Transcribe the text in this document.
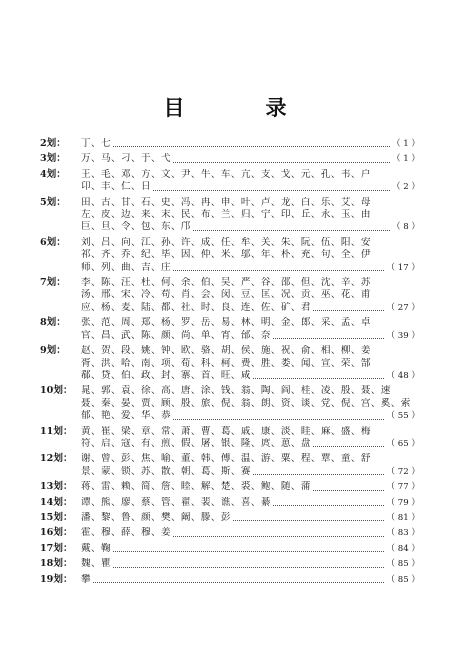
目　录
2划：	丁、七	（ 1 ）
3划：	万、马、刁、于、弋	（ 1 ）
4划：	王、毛、邓、方、文、尹、牛、车、亢、支、戈、元、孔、韦、户
卬、丰、仁、日	（ 2 ）
5划：	田、古、甘、石、史、冯、冉、申、叶、卢、龙、白、乐、艾、母
左、皮、边、来、末、民、布、兰、归、宁、印、丘、永、玉、由
巨、旦、令、包、东、邝	（ 8 ）
6划：	刘、吕、向、江、孙、许、成、任、牟、关、朱、阮、伍、阳、安
祁、齐、乔、纪、毕、因、仲、米、邬、年、朴、充、句、全、伊
师、列、曲、吉、庄	（ 17 ）
7划：	李、陈、汪、杜、何、余、伯、吴、严、谷、邵、但、沈、辛、苏
汤、邢、宋、冷、苟、肖、会、闵、豆、匡、况、贡、巫、花、甫
应、杨、麦、陆、都、社、时、良、连、佐、矿、君	（ 27 ）
8划：	张、范、周、郑、杨、罗、岳、易、林、明、金、郎、采、孟、卓
官、昌、武、陈、颜、尚、单、宵、邰、奈	（ 39 ）
9划：	赵、贺、段、姚、钟、欧、骆、胡、侯、施、祝、俞、相、柳、姜
胥、洪、哈、南、项、荀、科、柯、费、胜、娄、闻、宣、荣、郜
郗、贷、伯、政、封、寨、首、旺、咸	（ 48 ）
10划： 晁、郭、袁、徐、高、唐、涂、钱、翁、陶、阎、桂、凌、殷、聂、速
聂、秦、晏、贾、顾、殷、旅、倪、翁、朗、资、谈、党、倪、宫、奚、索
郁、艳、爱、华、恭	（ 55 ）
11划： 黄、崔、梁、章、常、萧、曹、葛、戚、康、淡、眭、麻、盛、梅
符、启、寇、有、煎、假、屠、银、隆、庹、葸、盘	（ 65 ）
12划： 谢、曾、彭、焦、喻、董、韩、傅、温、游、粟、程、覃、童、舒
景、蒙、锁、苏、散、朝、葛、斯、赛	（ 72 ）
13划： 蒋、雷、赖、简、詹、睦、解、楚、裘、鲍、随、蒲	（ 77 ）
14划： 谭、熊、廖、蔡、管、翟、裴、谯、喜、綦	（ 79 ）
15划： 潘、黎、鲁、颜、樊、阚、滕、彭	（ 81 ）
16划： 霍、穆、薛、穆、姜	（ 83 ）
17划： 戴、鞠	（ 84 ）
18划： 魏、瞿	（ 85 ）
19划： 攀	（ 85 ）
